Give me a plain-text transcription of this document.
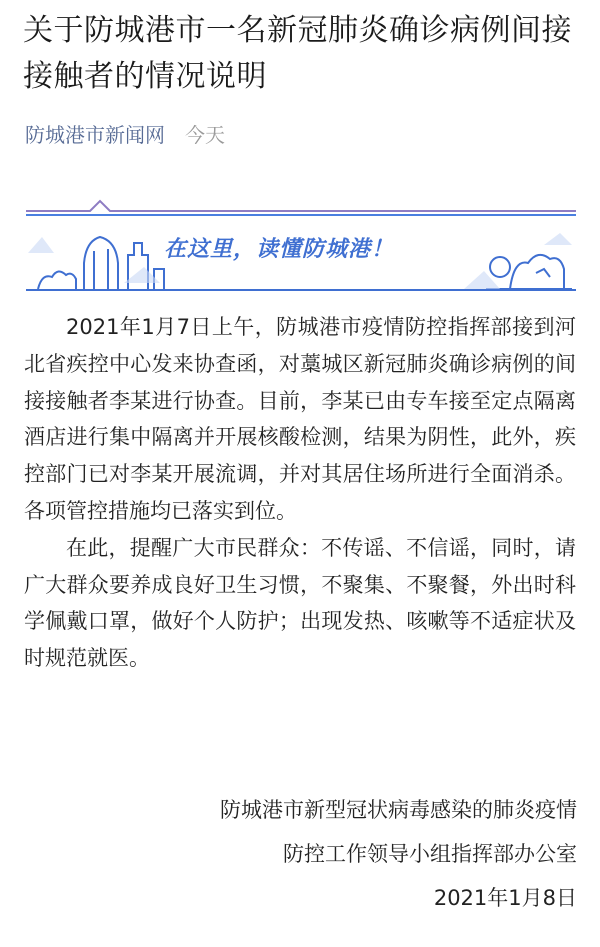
关于防城港市一名新冠肺炎确诊病例间接接触者的情况说明
防城港市新闻网 今天
在这里，读懂防城港！

2021年1月7日上午，防城港市疫情防控指挥部接到河北省疾控中心发来协查函，对藁城区新冠肺炎确诊病例的间接接触者李某进行协查。目前，李某已由专车接至定点隔离酒店进行集中隔离并开展核酸检测，结果为阴性，此外，疾控部门已对李某开展流调，并对其居住场所进行全面消杀。各项管控措施均已落实到位。

在此，提醒广大市民群众：不传谣、不信谣，同时，请广大群众要养成良好卫生习惯，不聚集、不聚餐，外出时科学佩戴口罩，做好个人防护；出现发热、咳嗽等不适症状及时规范就医。

防城港市新型冠状病毒感染的肺炎疫情
防控工作领导小组指挥部办公室
2021年1月8日
